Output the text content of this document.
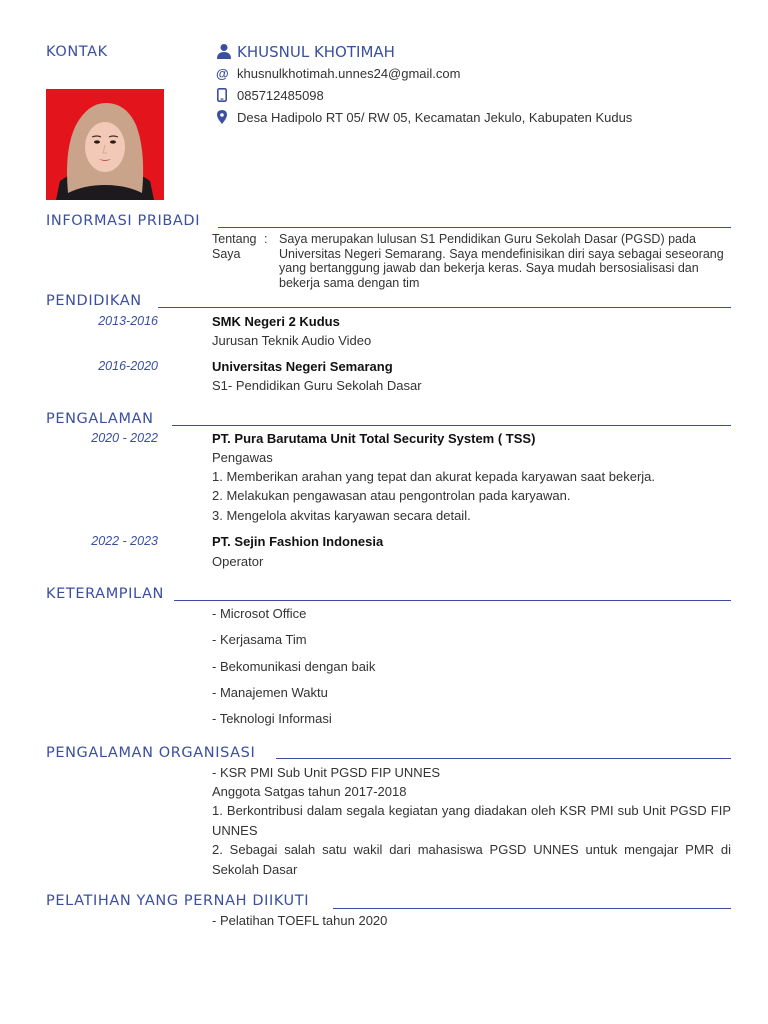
KONTAK	KHUSNUL KHOTIMAH
@ khusnulkhotimah.unnes24@gmail.com
085712485098
Desa Hadipolo RT 05/ RW 05, Kecamatan Jekulo, Kabupaten Kudus
INFORMASI PRIBADI
Tentang
Saya
: Saya merupakan lulusan S1 Pendidikan Guru Sekolah Dasar (PGSD) pada Universitas Negeri Semarang. Saya mendefinisikan diri saya sebagai seseorang yang bertanggung jawab dan bekerja keras. Saya mudah bersosialisasi dan bekerja sama dengan tim
PENDIDIKAN
2013-2016	SMK Negeri 2 Kudus
Jurusan Teknik Audio Video
2016-2020	Universitas Negeri Semarang
S1- Pendidikan Guru Sekolah Dasar
PENGALAMAN
2020 - 2022	PT. Pura Barutama Unit Total Security System ( TSS)
Pengawas
1. Memberikan arahan yang tepat dan akurat kepada karyawan saat bekerja.
2. Melakukan pengawasan atau pengontrolan pada karyawan.
3. Mengelola akvitas karyawan secara detail.
2022 - 2023	PT. Sejin Fashion Indonesia
Operator
KETERAMPILAN
- Microsot Office
- Kerjasama Tim
- Bekomunikasi dengan baik
- Manajemen Waktu
- Teknologi Informasi
PENGALAMAN ORGANISASI
- KSR PMI Sub Unit PGSD FIP UNNES
Anggota Satgas tahun 2017-2018
1. Berkontribusi dalam segala kegiatan yang diadakan oleh KSR PMI sub Unit PGSD FIP UNNES
2. Sebagai salah satu wakil dari mahasiswa PGSD UNNES untuk mengajar PMR di Sekolah Dasar
PELATIHAN YANG PERNAH DIIKUTI
- Pelatihan TOEFL tahun 2020
